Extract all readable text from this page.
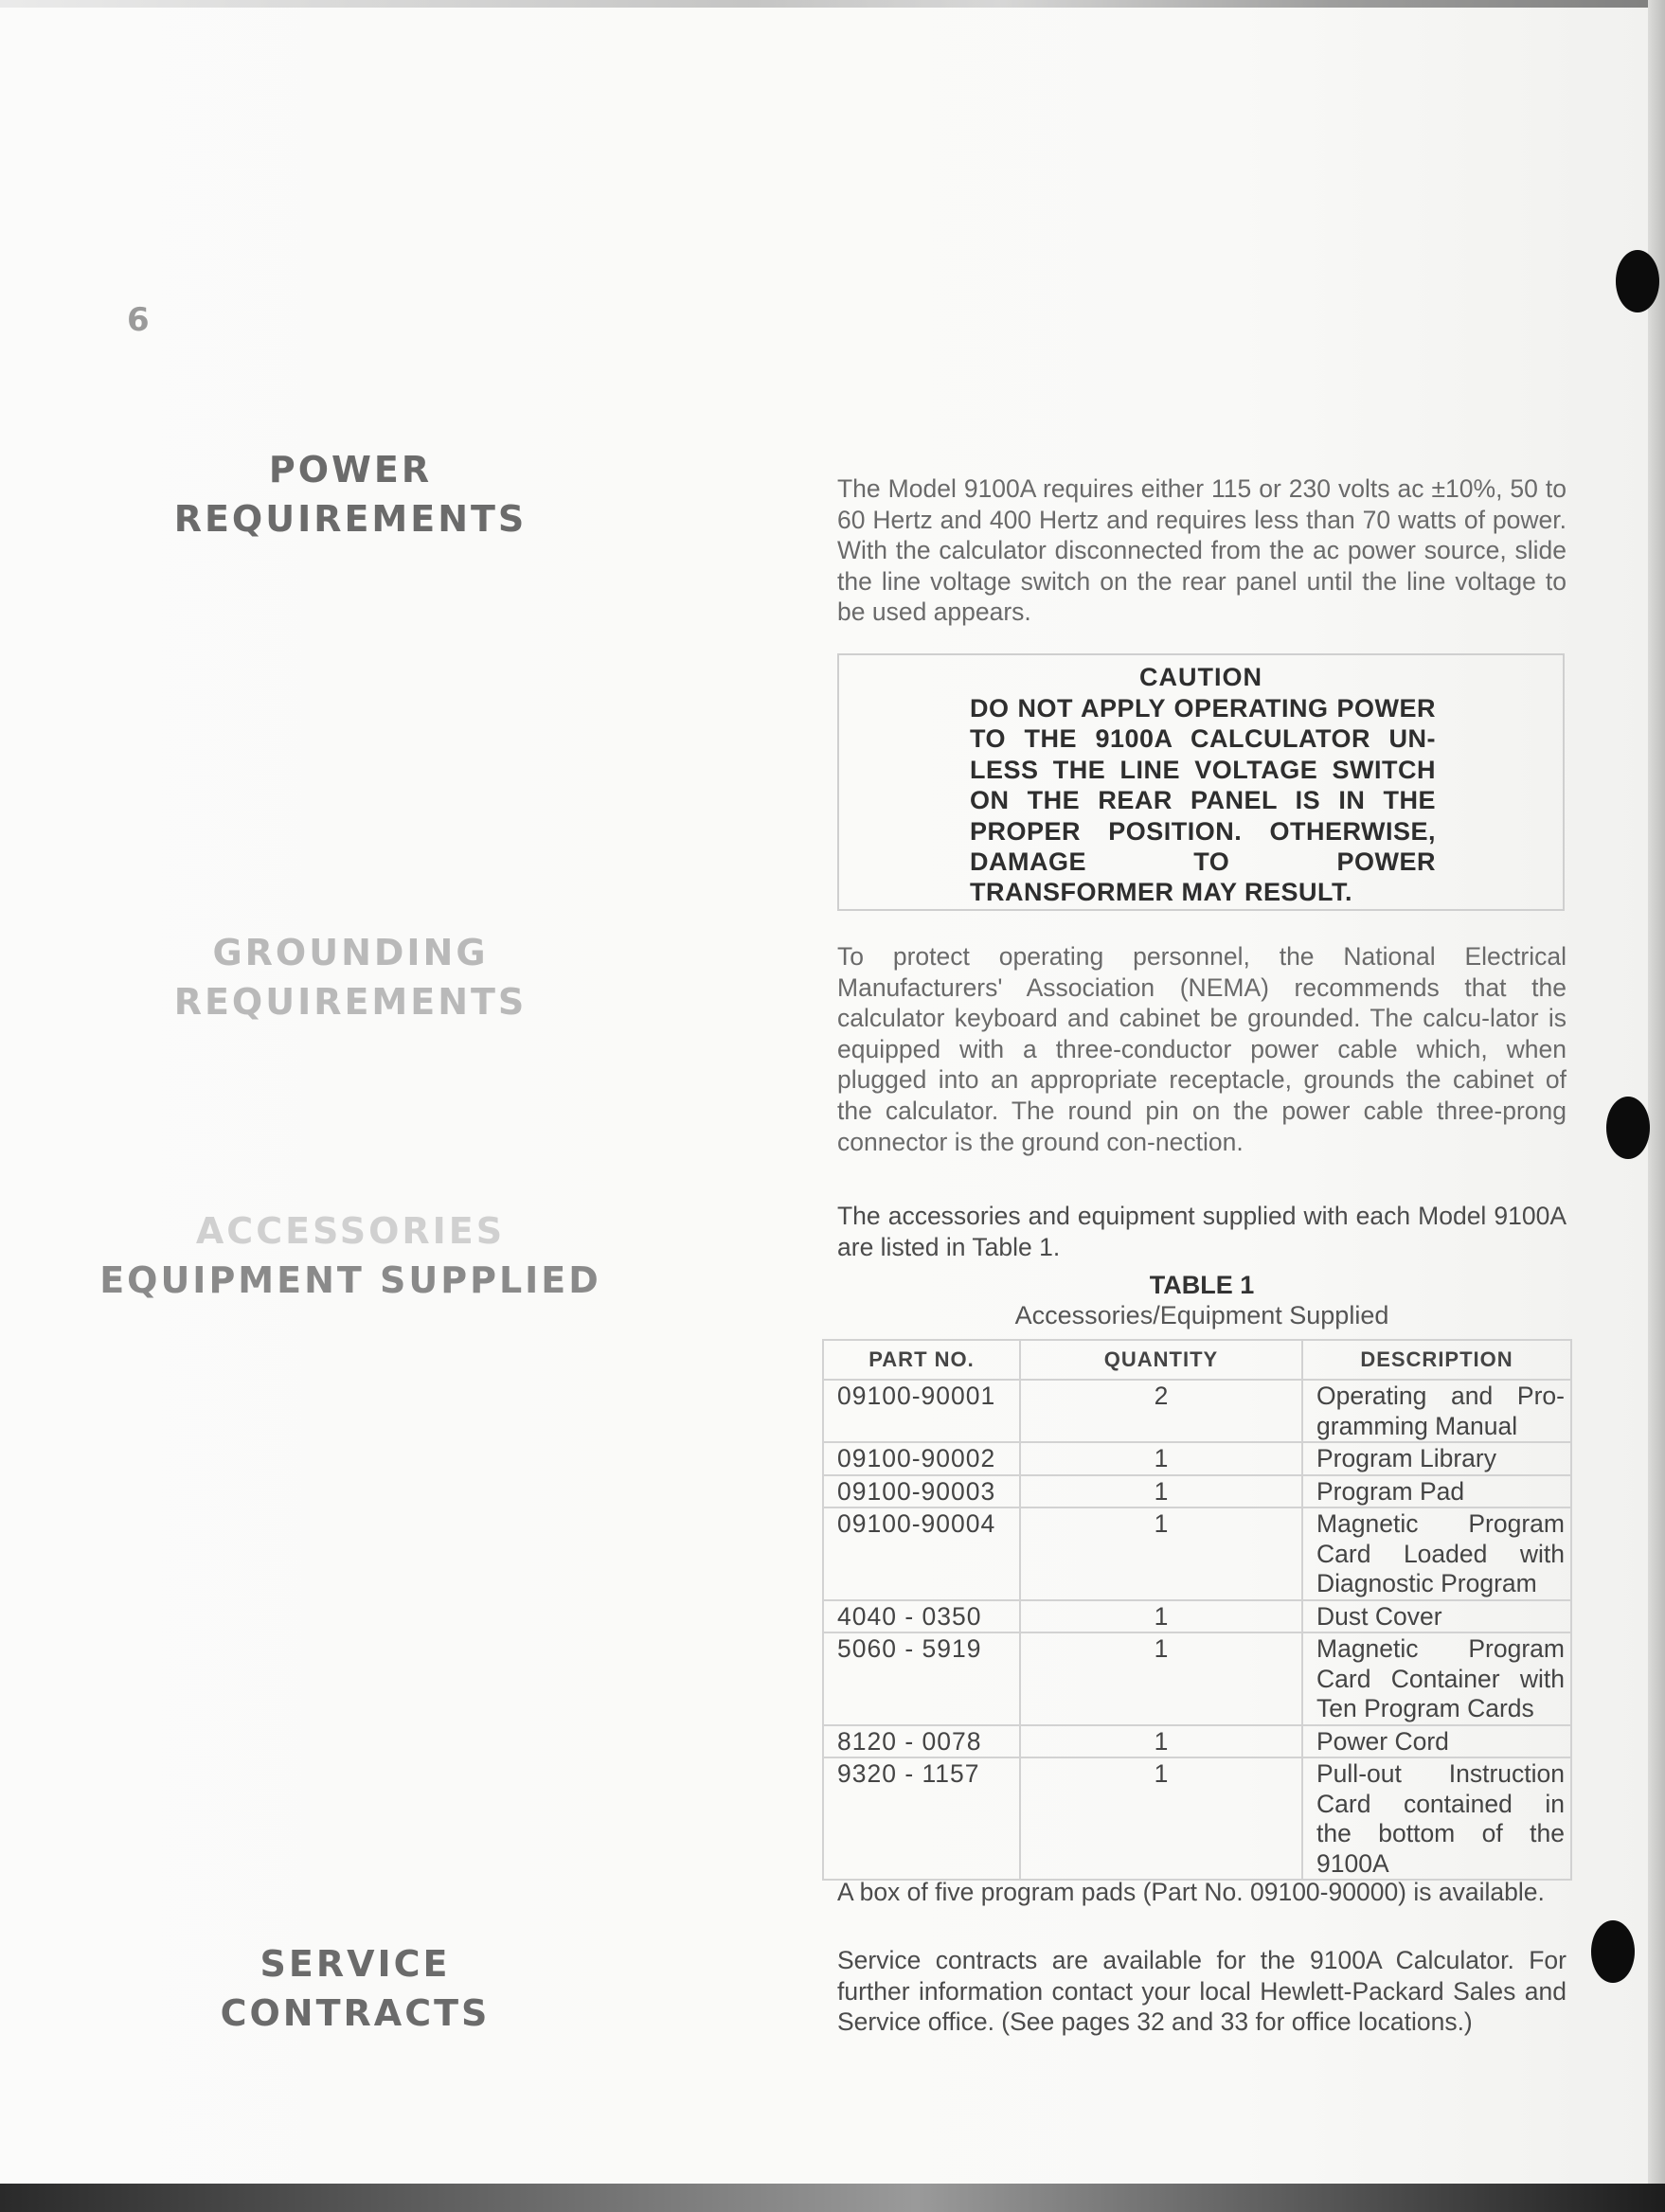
6
POWER
REQUIREMENTS
GROUNDING
REQUIREMENTS
ACCESSORIES
EQUIPMENT SUPPLIED
SERVICE
CONTRACTS
The Model 9100A requires either 115 or 230 volts ac ±10%, 50 to 60 Hertz and 400 Hertz and requires less than 70 watts of power. With the calculator disconnected from the ac power source, slide the line voltage switch on the rear panel until the line voltage to be used appears.
CAUTION
DO NOT APPLY OPERATING POWER TO THE 9100A CALCULATOR UN-LESS THE LINE VOLTAGE SWITCH ON THE REAR PANEL IS IN THE PROPER POSITION. OTHERWISE, DAMAGE TO POWER TRANSFORMER MAY RESULT.
To protect operating personnel, the National Electrical Manufacturers' Association (NEMA) recommends that the calculator keyboard and cabinet be grounded. The calcu-lator is equipped with a three-conductor power cable which, when plugged into an appropriate receptacle, grounds the cabinet of the calculator. The round pin on the power cable three-prong connector is the ground con-nection.
The accessories and equipment supplied with each Model 9100A are listed in Table 1.
TABLE 1
Accessories/Equipment Supplied
PART NO.	QUANTITY	DESCRIPTION
09100-90001	2	Operating and Pro-
gramming Manual

09100-90002	1	Program Library

09100-90003	1	Program Pad

09100-90004	1	Magnetic Program
Card Loaded with
Diagnostic Program

4040 - 0350	1	Dust Cover

5060 - 5919	1	Magnetic Program
Card Container with
Ten Program Cards

8120 - 0078	1	Power Cord

9320 - 1157	1	Pull-out Instruction
Card contained in
the bottom of the
9100A
A box of five program pads (Part No. 09100-90000) is available.
Service contracts are available for the 9100A Calculator. For further information contact your local Hewlett-Packard Sales and Service office. (See pages 32 and 33 for office locations.)
